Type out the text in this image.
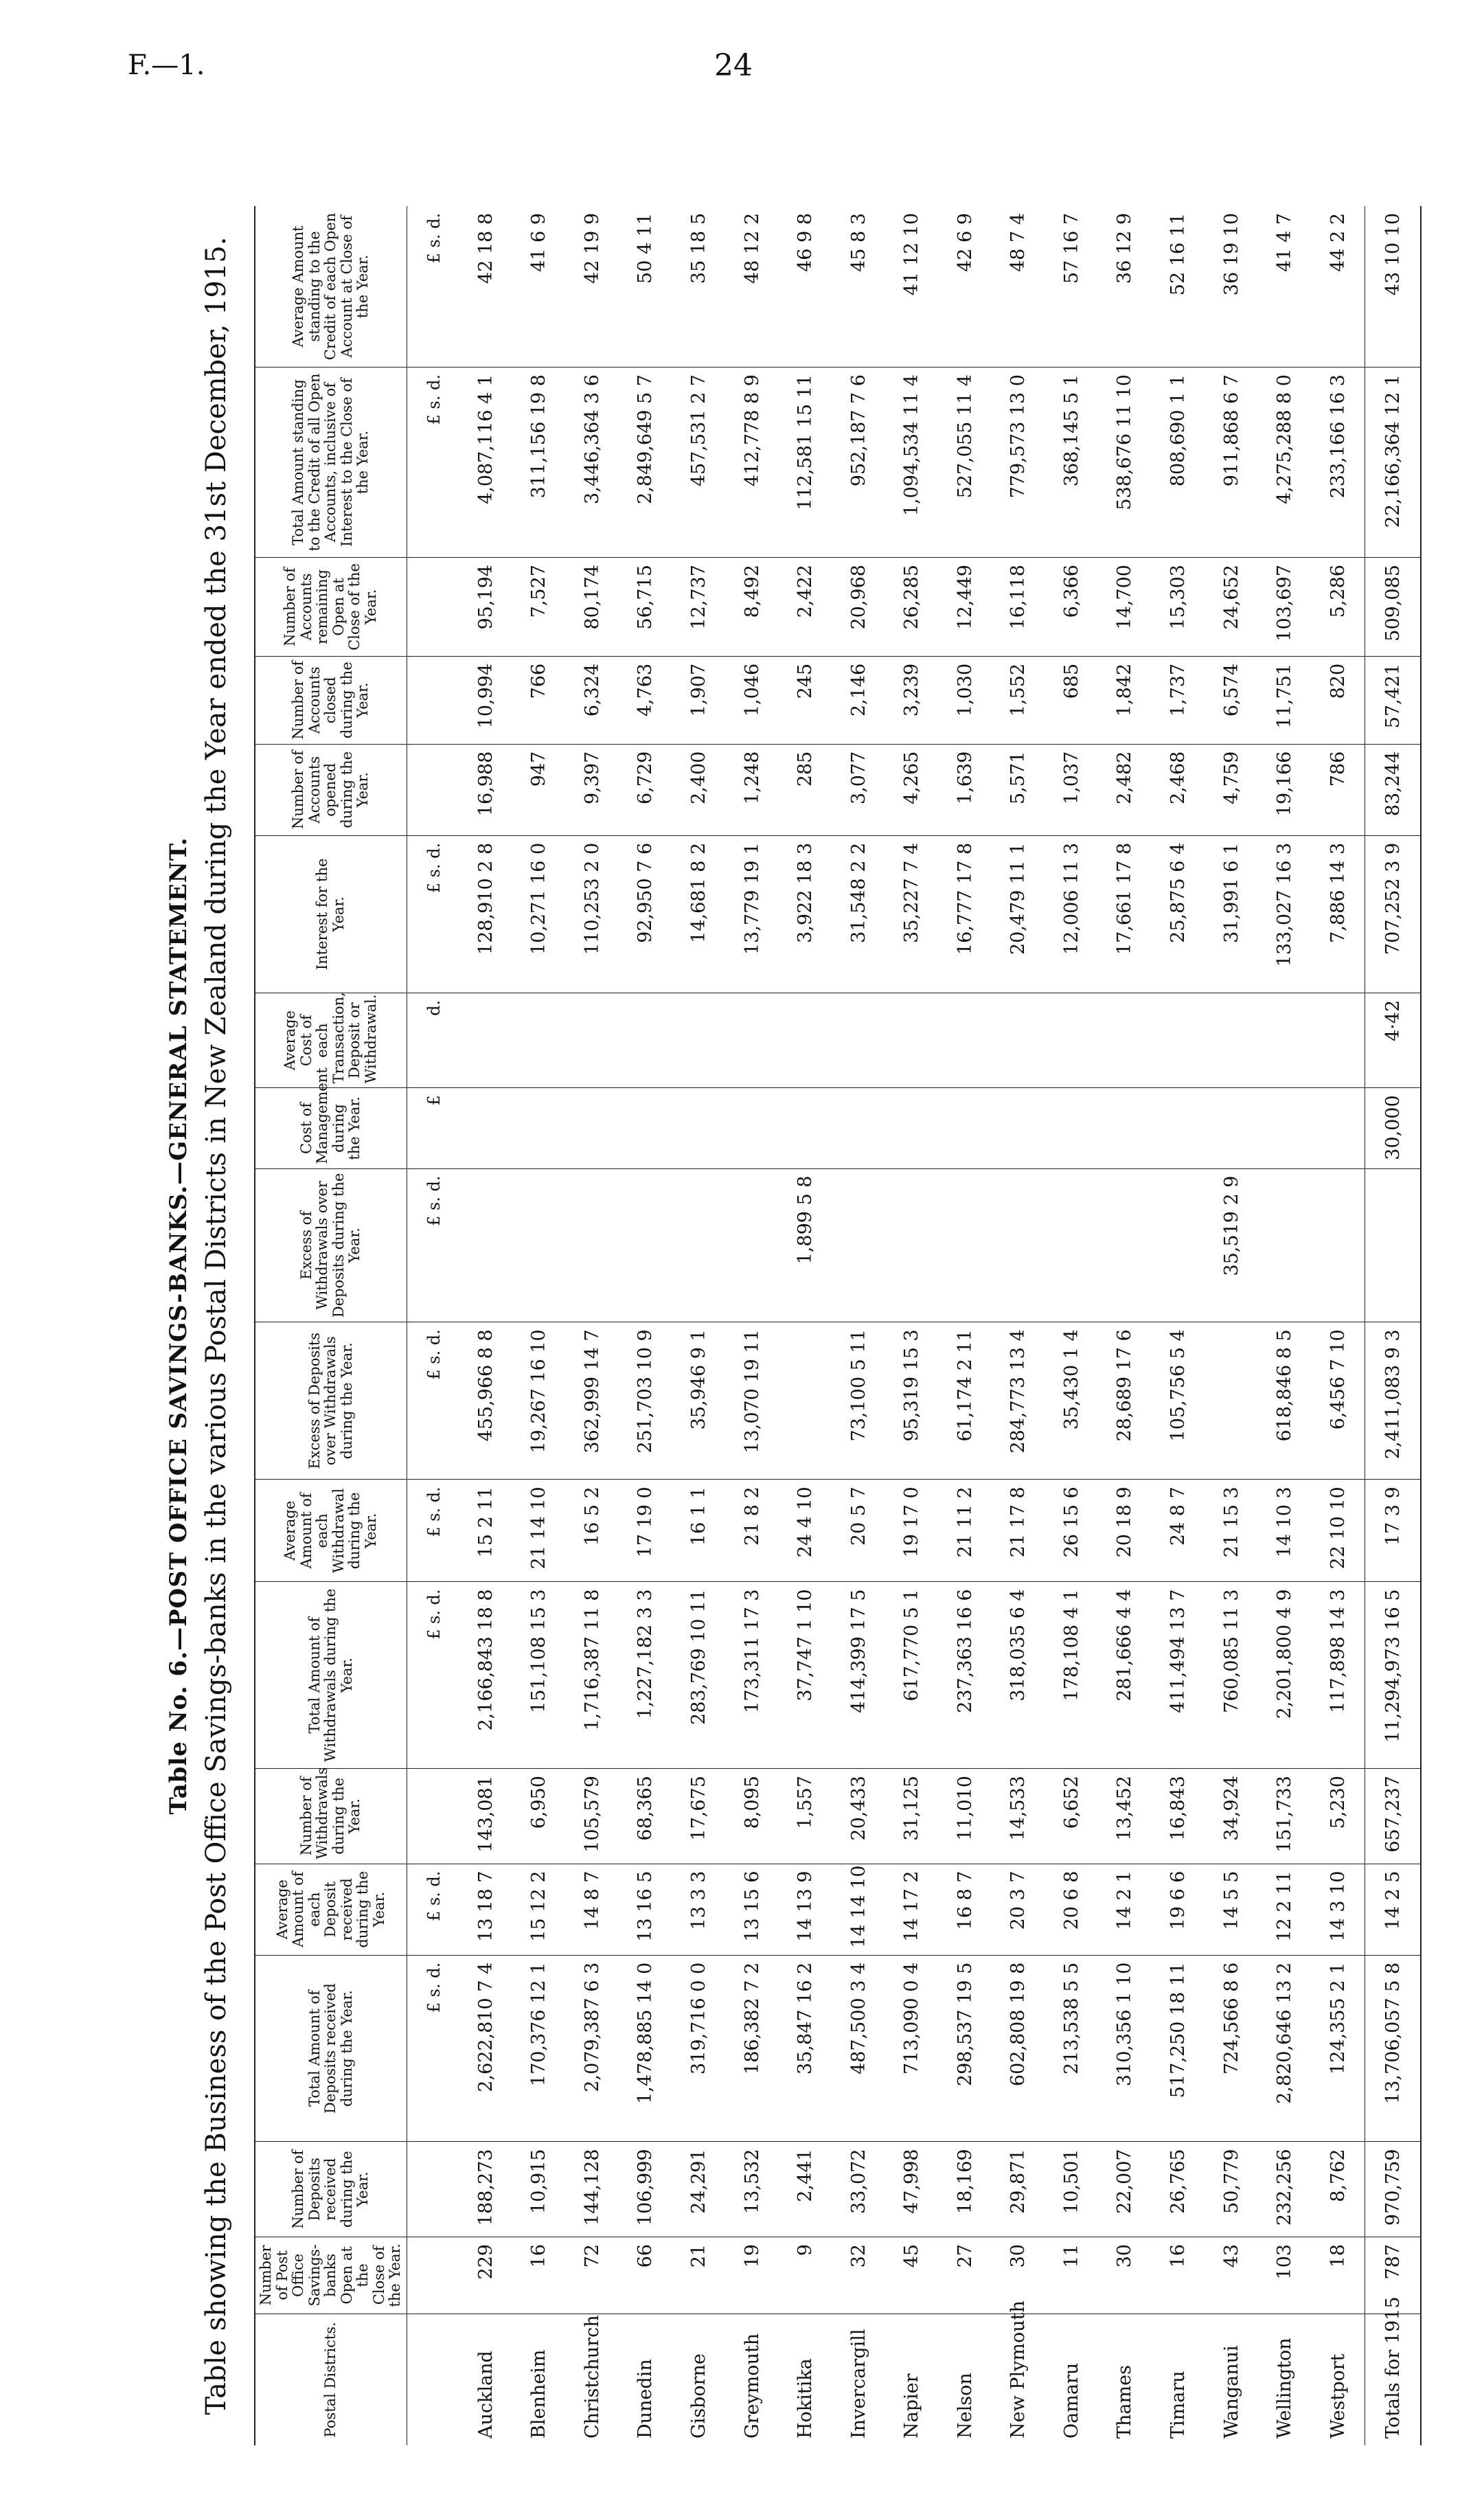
F.—1.	24
Table No. 6.—POST OFFICE SAVINGS-BANKS.—GENERAL STATEMENT. Table showing the Business of the Post Office Savings-banks in the various Postal Districts in New Zealand during the Year ended the 31st December, 1915.	Postal Districts.	Number of Post Office Savings-banks Open at the Close of the Year.	Number of Deposits received during the Year.	Total Amount of Deposits received during the Year.	Average Amount of each Deposit received during the Year.	Number of Withdrawals during the Year.	Total Amount of Withdrawals during the Year.	Average Amount of each Withdrawal during the Year.	Excess of Deposits over Withdrawals during the Year.	Excess of Withdrawals over Deposits during the Year.	Cost of Management during the Year.	Average Cost of each Transaction, Deposit or Withdrawal.	Interest for the Year.	Number of Accounts opened during the Year.	Number of Accounts closed during the Year.	Number of Accounts remaining Open at Close of the Year.	Total Amount standing to the Credit of all Open Accounts, inclusive of Interest to the Close of the Year.	Average Amount standing to the Credit of each Open Account at Close of the Year.
			£ s. d.	£ s. d.		£ s. d.	£ s. d.	£ s. d.	£ s. d.	£	d.	£ s. d.				£ s. d.	£ s. d.
Auckland	229	188,273	2,622,810 7 4	13 18 7	143,081	2,166,843 18 8	15 2 11	455,966 8 8				128,910 2 8	16,988	10,994	95,194	4,087,116 4 1	42 18 8
Blenheim	16	10,915	170,376 12 1	15 12 2	6,950	151,108 15 3	21 14 10	19,267 16 10				10,271 16 0	947	766	7,527	311,156 19 8	41 6 9
Christchurch	72	144,128	2,079,387 6 3	14 8 7	105,579	1,716,387 11 8	16 5 2	362,999 14 7				110,253 2 0	9,397	6,324	80,174	3,446,364 3 6	42 19 9
Dunedin	66	106,999	1,478,885 14 0	13 16 5	68,365	1,227,182 3 3	17 19 0	251,703 10 9				92,950 7 6	6,729	4,763	56,715	2,849,649 5 7	50 4 11
Gisborne	21	24,291	319,716 0 0	13 3 3	17,675	283,769 10 11	16 1 1	35,946 9 1				14,681 8 2	2,400	1,907	12,737	457,531 2 7	35 18 5
Greymouth	19	13,532	186,382 7 2	13 15 6	8,095	173,311 17 3	21 8 2	13,070 19 11				13,779 19 1	1,248	1,046	8,492	412,778 8 9	48 12 2
Hokitika	9	2,441	35,847 16 2	14 13 9	1,557	37,747 1 10	24 4 10		1,899 5 8			3,922 18 3	285	245	2,422	112,581 15 11	46 9 8
Invercargill	32	33,072	487,500 3 4	14 14 10	20,433	414,399 17 5	20 5 7	73,100 5 11				31,548 2 2	3,077	2,146	20,968	952,187 7 6	45 8 3
Napier	45	47,998	713,090 0 4	14 17 2	31,125	617,770 5 1	19 17 0	95,319 15 3				35,227 7 4	4,265	3,239	26,285	1,094,534 11 4	41 12 10
Nelson	27	18,169	298,537 19 5	16 8 7	11,010	237,363 16 6	21 11 2	61,174 2 11				16,777 17 8	1,639	1,030	12,449	527,055 11 4	42 6 9
New Plymouth	30	29,871	602,808 19 8	20 3 7	14,533	318,035 6 4	21 17 8	284,773 13 4				20,479 11 1	5,571	1,552	16,118	779,573 13 0	48 7 4
Oamaru	11	10,501	213,538 5 5	20 6 8	6,652	178,108 4 1	26 15 6	35,430 1 4				12,006 11 3	1,037	685	6,366	368,145 5 1	57 16 7
Thames	30	22,007	310,356 1 10	14 2 1	13,452	281,666 4 4	20 18 9	28,689 17 6				17,661 17 8	2,482	1,842	14,700	538,676 11 10	36 12 9
Timaru	16	26,765	517,250 18 11	19 6 6	16,843	411,494 13 7	24 8 7	105,756 5 4				25,875 6 4	2,468	1,737	15,303	808,690 1 1	52 16 11
Wanganui	43	50,779	724,566 8 6	14 5 5	34,924	760,085 11 3	21 15 3		35,519 2 9			31,991 6 1	4,759	6,574	24,652	911,868 6 7	36 19 10
Wellington	103	232,256	2,820,646 13 2	12 2 11	151,733	2,201,800 4 9	14 10 3	618,846 8 5				133,027 16 3	19,166	11,751	103,697	4,275,288 8 0	41 4 7
Westport	18	8,762	124,355 2 1	14 3 10	5,230	117,898 14 3	22 10 10	6,456 7 10				7,886 14 3	786	820	5,286	233,166 16 3	44 2 2
Totals for 1915	787	970,759	13,706,057 5 8	14 2 5	657,237	11,294,973 16 5	17 3 9	2,411,083 9 3		30,000	4·42	707,252 3 9	83,244	57,421	509,085	22,166,364 12 1	43 10 10
